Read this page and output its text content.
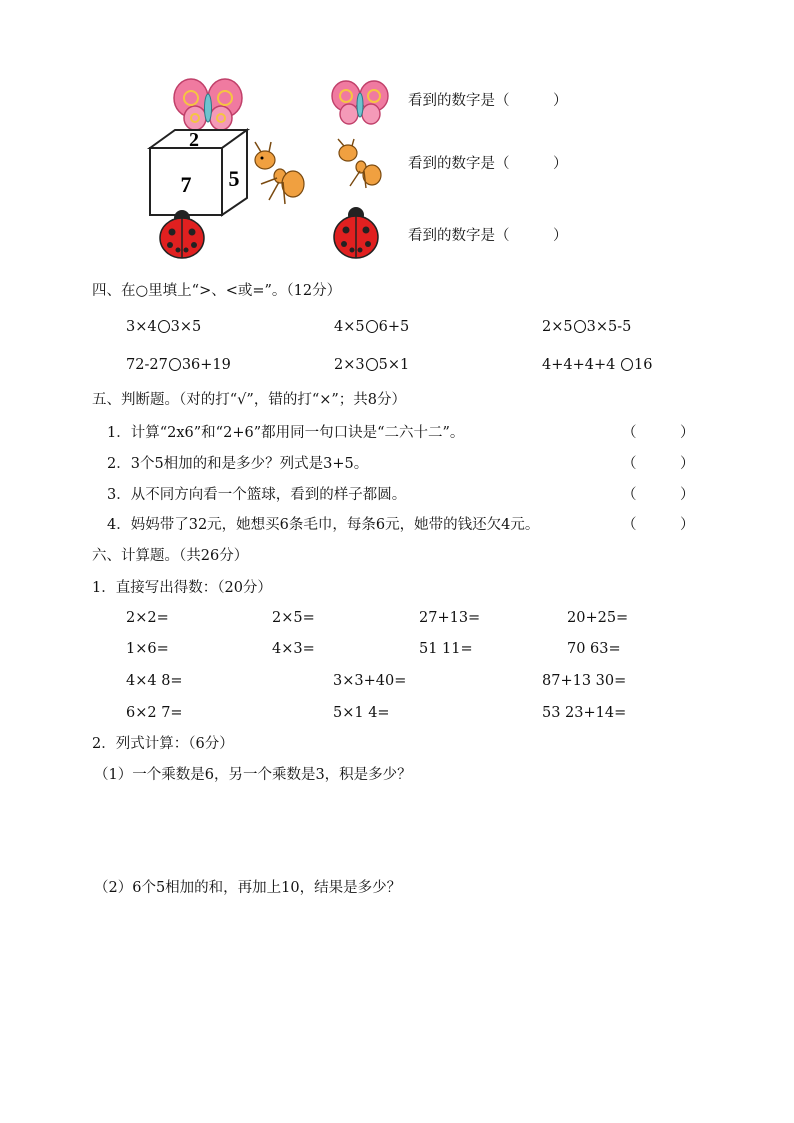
2
7 5
看到的数字是（　　　）
看到的数字是（　　　）
看到的数字是（　　　）
四、在○里填上“>、<或=”。（12分）
3×4 3×5	4×5 6+5	2×5 3×5-5
72-27 36+19	2×3 5×1	4+4+4+4 16
五、判断题。（对的打“√”，错的打“×”；共8分）
1．计算“2x6”和“2+6”都用同一句口诀是“二六十二”。	（　　　）
2．3个5相加的和是多少？列式是3+5。	（　　　）
3．从不同方向看一个篮球，看到的样子都圆。	（　　　）
4．妈妈带了32元，她想买6条毛巾，每条6元，她带的钱还欠4元。	（　　　）
六、计算题。（共26分）
1．直接写出得数：（20分）
2×2=	2×5=	27+13=	20+25=
1×6=	4×3=	51 11=	70 63=
4×4 8=	3×3+40=	87+13 30=
6×2 7=	5×1 4=	53 23+14=
2．列式计算：（6分）
（1）一个乘数是6，另一个乘数是3，积是多少？
（2）6个5相加的和，再加上10，结果是多少？
